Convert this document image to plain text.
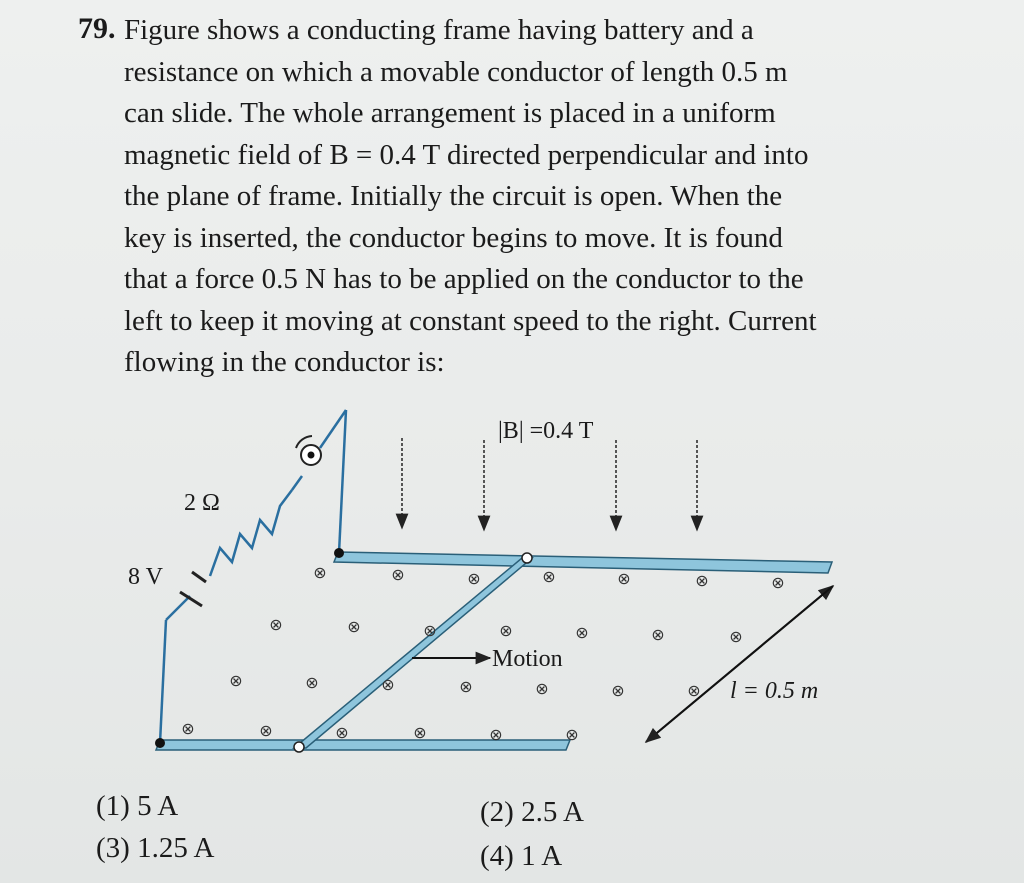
79. Figure shows a conducting frame having battery and a
resistance on which a movable conductor of length 0.5 m
can slide. The whole arrangement is placed in a uniform
magnetic field of B = 0.4 T directed perpendicular and into
the plane of frame. Initially the circuit is open. When the
key is inserted, the conductor begins to move. It is found
that a force 0.5 N has to be applied on the conductor to the
left to keep it moving at constant speed to the right. Current
flowing in the conductor is:
|B| =0.4 T
2 Ω
8 V	⊗	⊗	⊗	⊗	⊗	⊗	⊗
⊗	⊗	⊗	⊗	⊗	⊗	⊗
⊗	⊗	⊗	⊗	⊗	⊗	⊗
⊗	⊗	⊗	⊗	⊗	⊗
Motion
l = 0.5 m
(1) 5 A	(2) 2.5 A
(3) 1.25 A	(4) 1 A
